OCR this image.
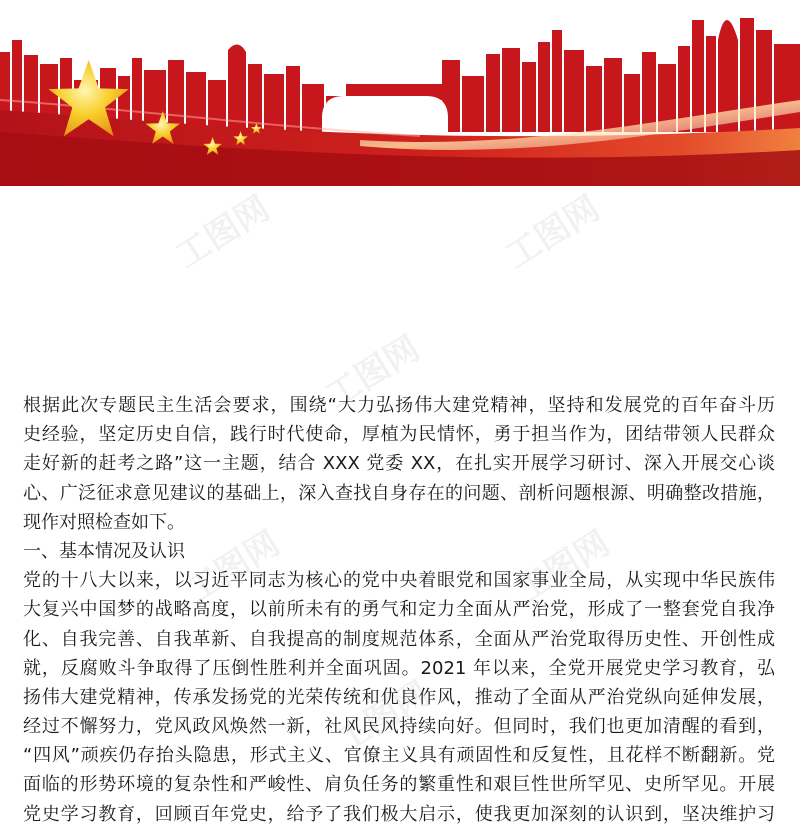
工图网	工图网
工图网
工图网	工图网
工图网

根据此次专题民主生活会要求，围绕“大力弘扬伟大建党精神，坚持和发展党的百年奋斗历
史经验，坚定历史自信，践行时代使命，厚植为民情怀，勇于担当作为，团结带领人民群众
走好新的赶考之路”这一主题，结合 XXX 党委 XX，在扎实开展学习研讨、深入开展交心谈
心、广泛征求意见建议的基础上，深入查找自身存在的问题、剖析问题根源、明确整改措施，
现作对照检查如下。

一、基本情况及认识

党的十八大以来，以习近平同志为核心的党中央着眼党和国家事业全局，从实现中华民族伟
大复兴中国梦的战略高度，以前所未有的勇气和定力全面从严治党，形成了一整套党自我净
化、自我完善、自我革新、自我提高的制度规范体系，全面从严治党取得历史性、开创性成
就，反腐败斗争取得了压倒性胜利并全面巩固。2021 年以来，全党开展党史学习教育，弘
扬伟大建党精神，传承发扬党的光荣传统和优良作风，推动了全面从严治党纵向延伸发展，
经过不懈努力，党风政风焕然一新，社风民风持续向好。但同时，我们也更加清醒的看到，
“四风”顽疾仍存抬头隐患，形式主义、官僚主义具有顽固性和反复性，且花样不断翻新。党
面临的形势环境的复杂性和严峻性、肩负任务的繁重性和艰巨性世所罕见、史所罕见。开展
党史学习教育，回顾百年党史，给予了我们极大启示，使我更加深刻的认识到，坚决维护习
